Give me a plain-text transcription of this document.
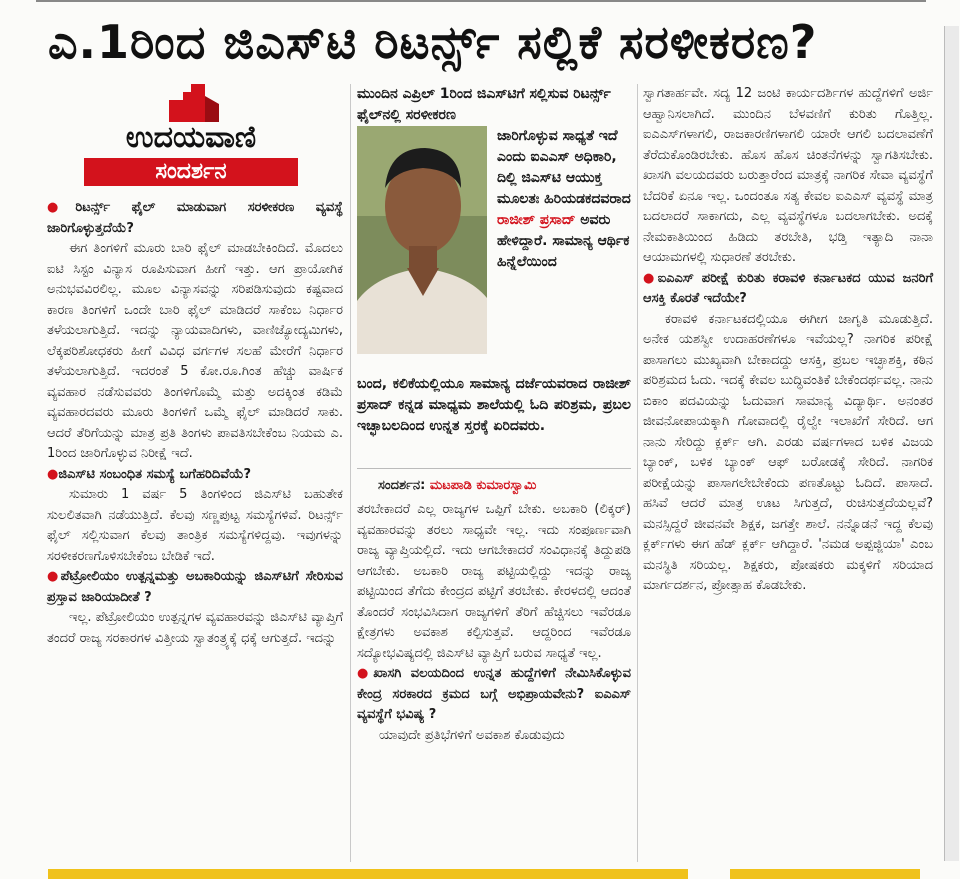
ಎ.1ರಿಂದ ಜಿಎಸ್‌ಟಿ ರಿಟರ್ನ್ಸ್‌ ಸಲ್ಲಿಕೆ ಸರಳೀಕರಣ?
ಉದಯವಾಣಿ
ಸಂದರ್ಶನ
●ರಿಟರ್ನ್ಸ್‌ ಫೈಲ್‌ ಮಾಡುವಾಗ ಸರಳೀಕರಣ ವ್ಯವಸ್ಥೆ ಜಾರಿಗೊಳ್ಳುತ್ತದೆಯೆ?
ಈಗ ತಿಂಗಳಿಗೆ ಮೂರು ಬಾರಿ ಫೈಲ್‌ ಮಾಡಬೇಕಿಂದಿದೆ. ಮೊದಲು ಐಟಿ ಸಿಸ್ಟಂ ವಿನ್ಯಾಸ ರೂಪಿಸುವಾಗ ಹೀಗೆ ಇತ್ತು. ಆಗ ಪ್ರಾಯೋಗಿಕ ಅನುಭವವಿರಲಿಲ್ಲ. ಮೂಲ ವಿನ್ಯಾಸವನ್ನು ಸರಿಪಡಿಸುವುದು ಕಷ್ಟವಾದ ಕಾರಣ ತಿಂಗಳಿಗೆ ಒಂದೇ ಬಾರಿ ಫೈಲ್‌ ಮಾಡಿದರೆ ಸಾಕೆಂಬ ನಿರ್ಧಾರ ತಳೆಯಲಾಗುತ್ತಿದೆ. ಇದನ್ನು ನ್ಯಾಯವಾದಿಗಳು, ವಾಣಿಜ್ಯೋದ್ಯಮಿಗಳು, ಲೆಕ್ಕಪರಿಶೋಧಕರು ಹೀಗೆ ವಿವಿಧ ವರ್ಗಗಳ ಸಲಹೆ ಮೇರೆಗೆ ನಿರ್ಧಾರ ತಳೆಯಲಾಗುತ್ತಿದೆ. ಇದರಂತೆ 5 ಕೋ.ರೂ.ಗಿಂತ ಹೆಚ್ಚು ವಾರ್ಷಿಕ ವ್ಯವಹಾರ ನಡೆಸುವವರು ತಿಂಗಳಿಗೊಮ್ಮೆ ಮತ್ತು ಅದಕ್ಕಿಂತ ಕಡಿಮೆ ವ್ಯವಹಾರದವರು ಮೂರು ತಿಂಗಳಿಗೆ ಒಮ್ಮೆ ಫೈಲ್‌ ಮಾಡಿದರೆ ಸಾಕು. ಆದರೆ ತೆರಿಗೆಯನ್ನು ಮಾತ್ರ ಪ್ರತಿ ತಿಂಗಳು ಪಾವತಿಸಬೇಕೆಂಬ ನಿಯಮ ಎ. 1ರಿಂದ ಜಾರಿಗೊಳ್ಳುವ ನಿರೀಕ್ಷೆ ಇದೆ.
●ಜಿಎಸ್‌ಟಿ ಸಂಬಂಧಿತ ಸಮಸ್ಯೆ ಬಗೆಹರಿದಿವೆಯೆ?
ಸುಮಾರು 1 ವರ್ಷ 5 ತಿಂಗಳಿಂದ ಜಿಎಸ್‌ಟಿ ಬಹುತೇಕ ಸುಲಲಿತವಾಗಿ ನಡೆಯುತ್ತಿದೆ. ಕೆಲವು ಸಣ್ಣಪುಟ್ಟ ಸಮಸ್ಯೆಗಳಿವೆ. ರಿಟರ್ನ್ಸ್‌ ಫೈಲ್‌ ಸಲ್ಲಿಸುವಾಗ ಕೆಲವು ತಾಂತ್ರಿಕ ಸಮಸ್ಯೆಗಳಿದ್ದವು. ಇವುಗಳನ್ನು ಸರಳೀಕರಣಗೊಳಿಸಬೇಕೆಂಬ ಬೇಡಿಕೆ ಇದೆ.
●ಪೆಟ್ರೋಲಿಯಂ ಉತ್ಪನ್ನಮತ್ತು ಅಬಕಾರಿಯನ್ನು ಜಿಎಸ್‌ಟಿಗೆ ಸೇರಿಸುವ ಪ್ರಸ್ತಾವ ಜಾರಿಯಾದೀತೆ ?
ಇಲ್ಲ. ಪೆಟ್ರೋಲಿಯಂ ಉತ್ಪನ್ನಗಳ ವ್ಯವಹಾರವನ್ನು ಜಿಎಸ್‌ಟಿ ವ್ಯಾಪ್ತಿಗೆ ತಂದರೆ ರಾಜ್ಯ ಸರಕಾರಗಳ ವಿತ್ತೀಯ ಸ್ವಾತಂತ್ರ್ಯಕ್ಕೆ ಧಕ್ಕೆ ಆಗುತ್ತದೆ. ಇದನ್ನು
ಮುಂದಿನ ಎಪ್ರಿಲ್‌ 1ರಿಂದ ಜಿಎಸ್‌ಟಿಗೆ ಸಲ್ಲಿಸುವ ರಿಟರ್ನ್ಸ್‌ ಫೈಲ್‌ನಲ್ಲಿ ಸರಳೀಕರಣ
ಜಾರಿಗೊಳ್ಳುವ ಸಾಧ್ಯತೆ ಇದೆ ಎಂದು ಐಎಎಸ್‌ ಅಧಿಕಾರಿ, ದಿಲ್ಲಿ ಜಿಎಸ್‌ಟಿ ಆಯುಕ್ತ ಮೂಲತಃ ಹಿರಿಯಡಕದವರಾದ ರಾಜೀಶ್‌ ಪ್ರಸಾದ್‌ ಅವರು ಹೇಳಿದ್ದಾರೆ. ಸಾಮಾನ್ಯ ಆರ್ಥಿಕ ಹಿನ್ನೆಲೆಯಿಂದ
ಬಂದ, ಕಲಿಕೆಯಲ್ಲಿಯೂ ಸಾಮಾನ್ಯ ದರ್ಜೆಯವರಾದ ರಾಜೀಶ್‌ ಪ್ರಸಾದ್‌ ಕನ್ನಡ ಮಾಧ್ಯಮ ಶಾಲೆಯಲ್ಲಿ ಓದಿ ಪರಿಶ್ರಮ, ಪ್ರಬಲ ಇಚ್ಛಾಬಲದಿಂದ ಉನ್ನತ ಸ್ತರಕ್ಕೆ ಏರಿದವರು.
ಸಂದರ್ಶನ: ಮಟಪಾಡಿ ಕುಮಾರಸ್ವಾಮಿ
ತರಬೇಕಾದರೆ ಎಲ್ಲ ರಾಜ್ಯಗಳ ಒಪ್ಪಿಗೆ ಬೇಕು. ಅಬಕಾರಿ (ಲಿಕ್ಕರ್‌) ವ್ಯವಹಾರವನ್ನು ತರಲು ಸಾಧ್ಯವೇ ಇಲ್ಲ. ಇದು ಸಂಪೂರ್ಣವಾಗಿ ರಾಜ್ಯ ವ್ಯಾಪ್ತಿಯಲ್ಲಿದೆ. ಇದು ಆಗಬೇಕಾದರೆ ಸಂವಿಧಾನಕ್ಕೆ ತಿದ್ದುಪಡಿ ಆಗಬೇಕು. ಅಬಕಾರಿ ರಾಜ್ಯ ಪಟ್ಟಿಯಲ್ಲಿದ್ದು ಇದನ್ನು ರಾಜ್ಯ ಪಟ್ಟಿಯಿಂದ ತೆಗೆದು ಕೇಂದ್ರದ ಪಟ್ಟಿಗೆ ತರಬೇಕು. ಕೇರಳದಲ್ಲಿ ಆದಂತೆ ತೊಂದರೆ ಸಂಭವಿಸಿದಾಗ ರಾಜ್ಯಗಳಿಗೆ ತೆರಿಗೆ ಹೆಚ್ಚಿಸಲು ಇವೆರಡೂ ಕ್ಷೇತ್ರಗಳು ಅವಕಾಶ ಕಲ್ಪಿಸುತ್ತವೆ. ಆದ್ದರಿಂದ ಇವೆರಡೂ ಸದ್ಯೋಭವಿಷ್ಯದಲ್ಲಿ ಜಿಎಸ್‌ಟಿ ವ್ಯಾಪ್ತಿಗೆ ಬರುವ ಸಾಧ್ಯತೆ ಇಲ್ಲ.
●ಖಾಸಗಿ ವಲಯದಿಂದ ಉನ್ನತ ಹುದ್ದೆಗಳಿಗೆ ನೇಮಿಸಿಕೊಳ್ಳುವ ಕೇಂದ್ರ ಸರಕಾರದ ಕ್ರಮದ ಬಗ್ಗೆ ಅಭಿಪ್ರಾಯವೇನು? ಐಎಎಸ್‌ ವ್ಯವಸ್ಥೆಗೆ ಭವಿಷ್ಯ ?
ಯಾವುದೇ ಪ್ರತಿಭೆಗಳಿಗೆ ಅವಕಾಶ ಕೊಡುವುದು
ಸ್ವಾಗತಾರ್ಹವೇ. ಸದ್ಯ 12 ಜಂಟಿ ಕಾರ್ಯದರ್ಶಿಗಳ ಹುದ್ದೆಗಳಿಗೆ ಅರ್ಜಿ ಆಹ್ವಾನಿಸಲಾಗಿದೆ. ಮುಂದಿನ ಬೆಳವಣಿಗೆ ಕುರಿತು ಗೊತ್ತಿಲ್ಲ. ಐಎಎಸ್‌ಗಳಾಗಲಿ, ರಾಜಕಾರಣಿಗಳಾಗಲಿ ಯಾರೇ ಆಗಲಿ ಬದಲಾವಣೆಗೆ ತೆರೆದುಕೊಂಡಿರಬೇಕು. ಹೊಸ ಹೊಸ ಚಿಂತನೆಗಳನ್ನು ಸ್ವಾಗತಿಸಬೇಕು. ಖಾಸಗಿ ವಲಯದವರು ಬರುತ್ತಾರೆಂದ ಮಾತ್ರಕ್ಕೆ ನಾಗರಿಕ ಸೇವಾ ವ್ಯವಸ್ಥೆಗೆ ಬೆದರಿಕೆ ಏನೂ ಇಲ್ಲ. ಒಂದಂತೂ ಸತ್ಯ ಕೇವಲ ಐಎಎಸ್‌ ವ್ಯವಸ್ಥೆ ಮಾತ್ರ ಬದಲಾದರೆ ಸಾಕಾಗದು, ಎಲ್ಲ ವ್ಯವಸ್ಥೆಗಳೂ ಬದಲಾಗಬೇಕು. ಅದಕ್ಕೆ ನೇಮಕಾತಿಯಿಂದ ಹಿಡಿದು ತರಬೇತಿ, ಭಡ್ತಿ ಇತ್ಯಾದಿ ನಾನಾ ಆಯಾಮಗಳಲ್ಲಿ ಸುಧಾರಣೆ ತರಬೇಕು.
●ಐಎಎಸ್‌ ಪರೀಕ್ಷೆ ಕುರಿತು ಕರಾವಳಿ ಕರ್ನಾಟಕದ ಯುವ ಜನರಿಗೆ ಆಸಕ್ತಿ ಕೊರತೆ ಇದೆಯೇ?
ಕರಾವಳಿ ಕರ್ನಾಟಕದಲ್ಲಿಯೂ ಈಗೀಗ ಜಾಗೃತಿ ಮೂಡುತ್ತಿದೆ. ಅನೇಕ ಯಶಸ್ವೀ ಉದಾಹರಣೆಗಳೂ ಇವೆಯಲ್ಲ? ನಾಗರಿಕ ಪರೀಕ್ಷೆ ಪಾಸಾಗಲು ಮುಖ್ಯವಾಗಿ ಬೇಕಾದದ್ದು ಆಸಕ್ತಿ, ಪ್ರಬಲ ಇಚ್ಛಾಶಕ್ತಿ, ಕಠಿನ ಪರಿಶ್ರಮದ ಓದು. ಇದಕ್ಕೆ ಕೇವಲ ಬುದ್ಧಿವಂತಿಕೆ ಬೇಕೆಂದರ್ಥವಲ್ಲ. ನಾನು ಬಿಕಾಂ ಪದವಿಯನ್ನು ಓದುವಾಗ ಸಾಮಾನ್ಯ ವಿದ್ಯಾರ್ಥಿ. ಅನಂತರ ಜೀವನೋಪಾಯಕ್ಕಾಗಿ ಗೋವಾದಲ್ಲಿ ರೈಲ್ವೇ ಇಲಾಖೆಗೆ ಸೇರಿದೆ. ಆಗ ನಾನು ಸೇರಿದ್ದು ಕ್ಲರ್ಕ್‌ ಆಗಿ. ಎರಡು ವರ್ಷಗಳಾದ ಬಳಿಕ ವಿಜಯ ಬ್ಯಾಂಕ್‌, ಬಳಿಕ ಬ್ಯಾಂಕ್‌ ಆಫ್ ಬರೋಡಕ್ಕೆ ಸೇರಿದೆ. ನಾಗರಿಕ ಪರೀಕ್ಷೆಯನ್ನು ಪಾಸಾಗಲೇಬೇಕೆಂದು ಪಣತೊಟ್ಟು ಓದಿದೆ. ಪಾಸಾದೆ. ಹಸಿವೆ ಆದರೆ ಮಾತ್ರ ಊಟ ಸಿಗುತ್ತದೆ, ರುಚಿಸುತ್ತದೆಯಲ್ಲವೆ? ಮನಸ್ಸಿದ್ದರೆ ಜೀವನವೇ ಶಿಕ್ಷಕ, ಜಗತ್ತೇ ಶಾಲೆ. ನನ್ನೊಡನೆ ಇದ್ದ ಕೆಲವು ಕ್ಲರ್ಕ್‌ಗಳು ಈಗ ಹೆಡ್‌ ಕ್ಲರ್ಕ್‌ ಆಗಿದ್ದಾರೆ. 'ನಮಡ ಅಪ್ಪಜ್ಜಿಯಾ' ಎಂಬ ಮನಸ್ಥಿತಿ ಸರಿಯಲ್ಲ. ಶಿಕ್ಷಕರು, ಪೋಷಕರು ಮಕ್ಕಳಿಗೆ ಸರಿಯಾದ ಮಾರ್ಗದರ್ಶನ, ಪ್ರೋತ್ಸಾಹ ಕೊಡಬೇಕು.
